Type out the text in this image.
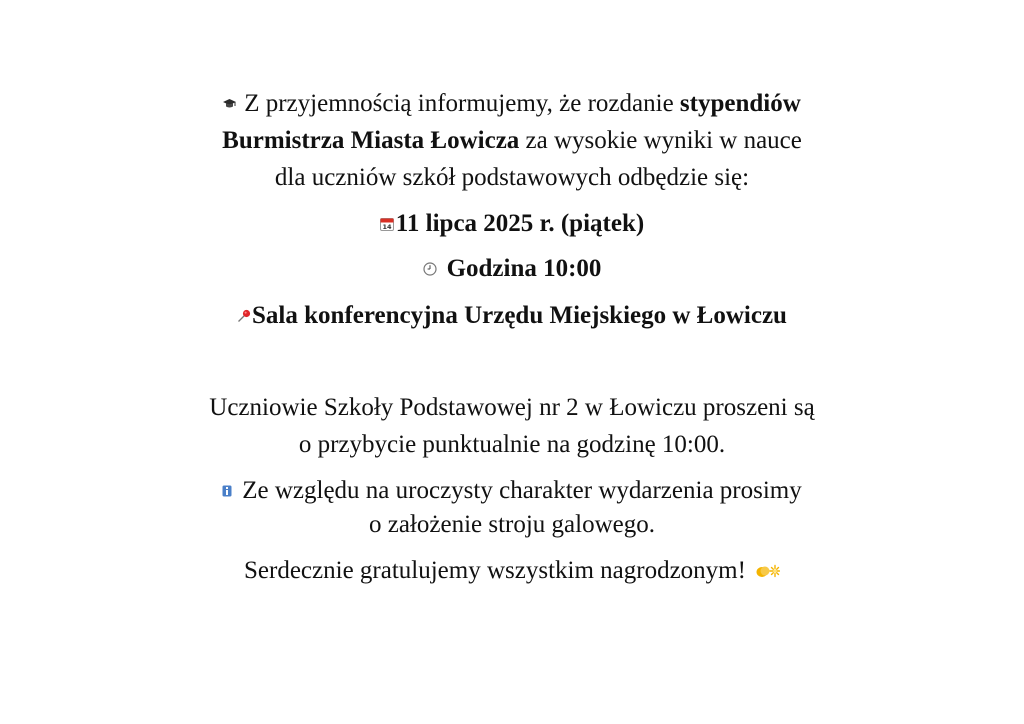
Z przyjemnością informujemy, że rozdanie stypendiów
Burmistrza Miasta Łowicza za wysokie wyniki w nauce
dla uczniów szkół podstawowych odbędzie się:
14 11 lipca 2025 r. (piątek)
Godzina 10:00
Sala konferencyjna Urzędu Miejskiego w Łowiczu
Uczniowie Szkoły Podstawowej nr 2 w Łowiczu proszeni są
o przybycie punktualnie na godzinę 10:00.
Ze względu na uroczysty charakter wydarzenia prosimy
o założenie stroju galowego.
Serdecznie gratulujemy wszystkim nagrodzonym!
